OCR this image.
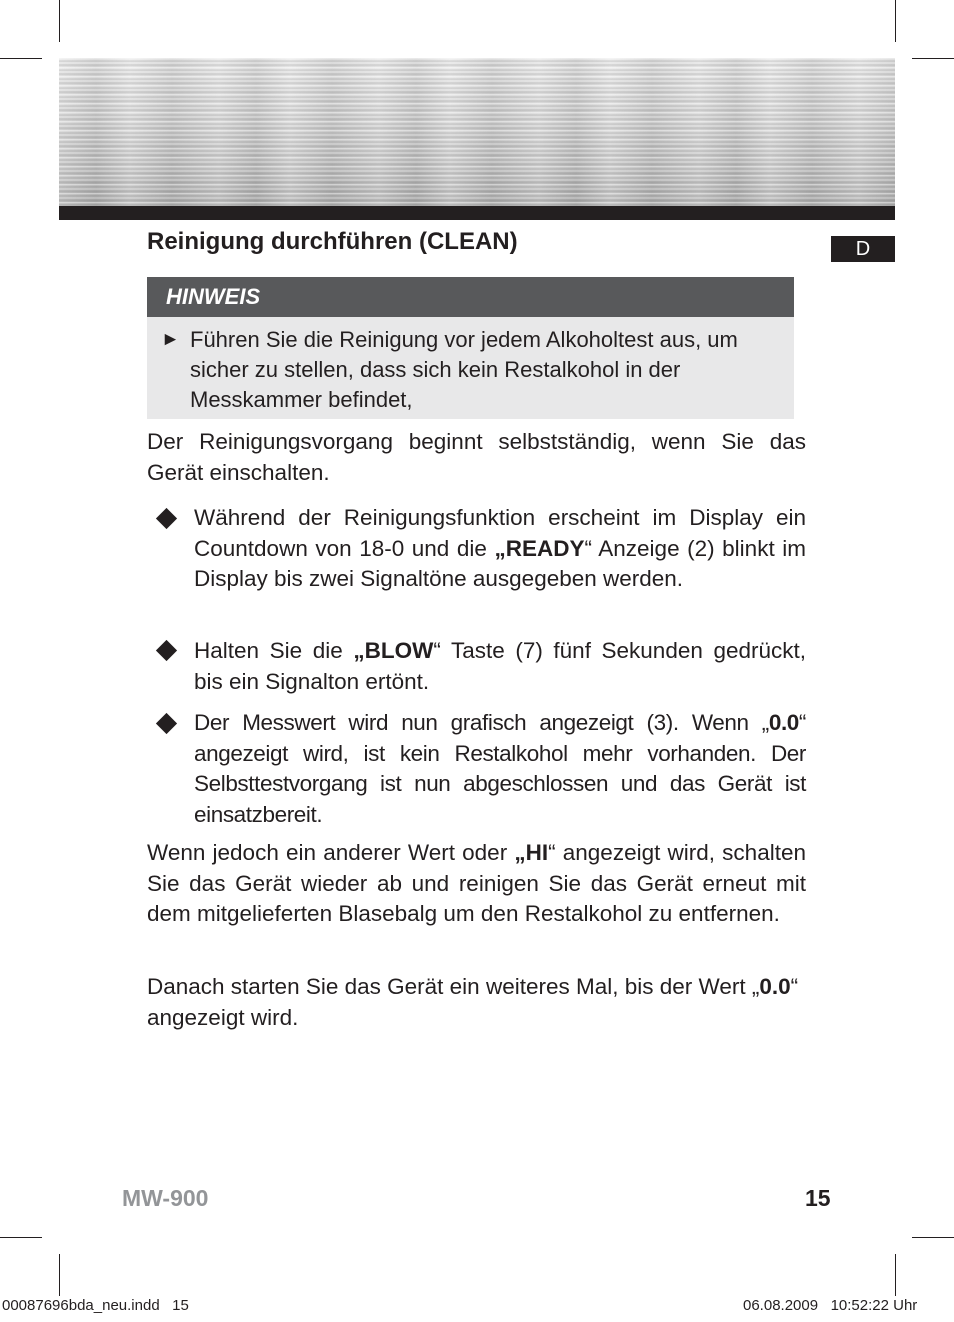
D
Reinigung durchführen (CLEAN)
HINWEIS
► Führen Sie die Reinigung vor jedem Alkoholtest aus, um sicher zu stellen, dass sich kein Restalkohol in der Messkammer befindet,
Der Reinigungsvorgang beginnt selbstständig, wenn Sie das Gerät einschalten.
Während der Reinigungsfunktion erscheint im Display ein Countdown von 18-0 und die „READY“ Anzeige (2) blinkt im Display bis zwei Signaltöne ausgegeben werden.
Halten Sie die „BLOW“ Taste (7) fünf Sekunden gedrückt, bis ein Signalton ertönt.
Der Messwert wird nun grafisch angezeigt (3). Wenn „0.0“ angezeigt wird, ist kein Restalkohol mehr vorhanden. Der Selbsttestvorgang ist nun abgeschlossen und das Gerät ist einsatzbereit.
Wenn jedoch ein anderer Wert oder „HI“ angezeigt wird, schalten Sie das Gerät wieder ab und reinigen Sie das Gerät erneut mit dem mitgelieferten Blasebalg um den Restalkohol zu entfernen.
Danach starten Sie das Gerät ein weiteres Mal, bis der Wert „0.0“ angezeigt wird.
MW-900	15
00087696bda_neu.indd   15	06.08.2009   10:52:22 Uhr
